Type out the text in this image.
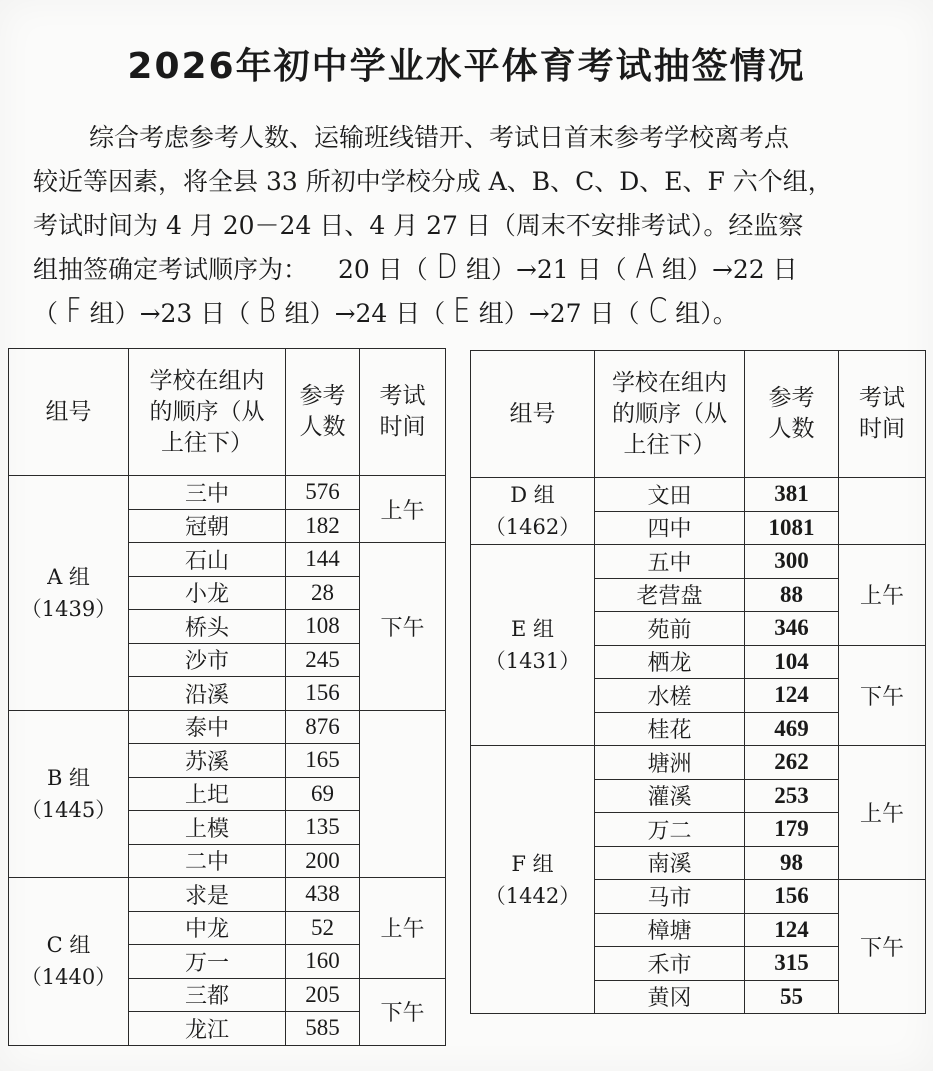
2026年初中学业水平体育考试抽签情况
综合考虑参考人数、运输班线错开、考试日首末参考学校离考点
较近等因素，将全县 33 所初中学校分成 A、B、C、D、E、F 六个组，
考试时间为 4 月 20－24 日、4 月 27 日（周末不安排考试）。经监察
组抽签确定考试顺序为： 20 日（ D 组）→21 日（ A 组）→22 日
（ F 组）→23 日（ B 组）→24 日（ E 组）→27 日（ C 组）。
组号	学校在组内
的顺序（从
上往下）	参考
人数	考试
时间
A 组
（1439）	三中	576	上午
	冠朝	182	
	石山	144	下午
	小龙	28	
	桥头	108	
	沙市	245	
	沿溪	156	
B 组
（1445）	泰中	876	
	苏溪	165	
	上圯	69	
	上模	135	
	二中	200	
C 组
（1440）	求是	438	上午
	中龙	52	
	万一	160	
	三都	205	下午
	龙江	585	
组号	学校在组内
的顺序（从
上往下）	参考
人数	考试
时间
D 组
（1462）	文田	381	
	四中	1081	
E 组
（1431）	五中	300	上午
	老营盘	88	
	苑前	346	
	栖龙	104	下午
	水槎	124	
	桂花	469	
F 组
（1442）	塘洲	262	上午
	灌溪	253	
	万二	179	
	南溪	98	
	马市	156	下午
	樟塘	124	
	禾市	315	
	黄冈	55	
